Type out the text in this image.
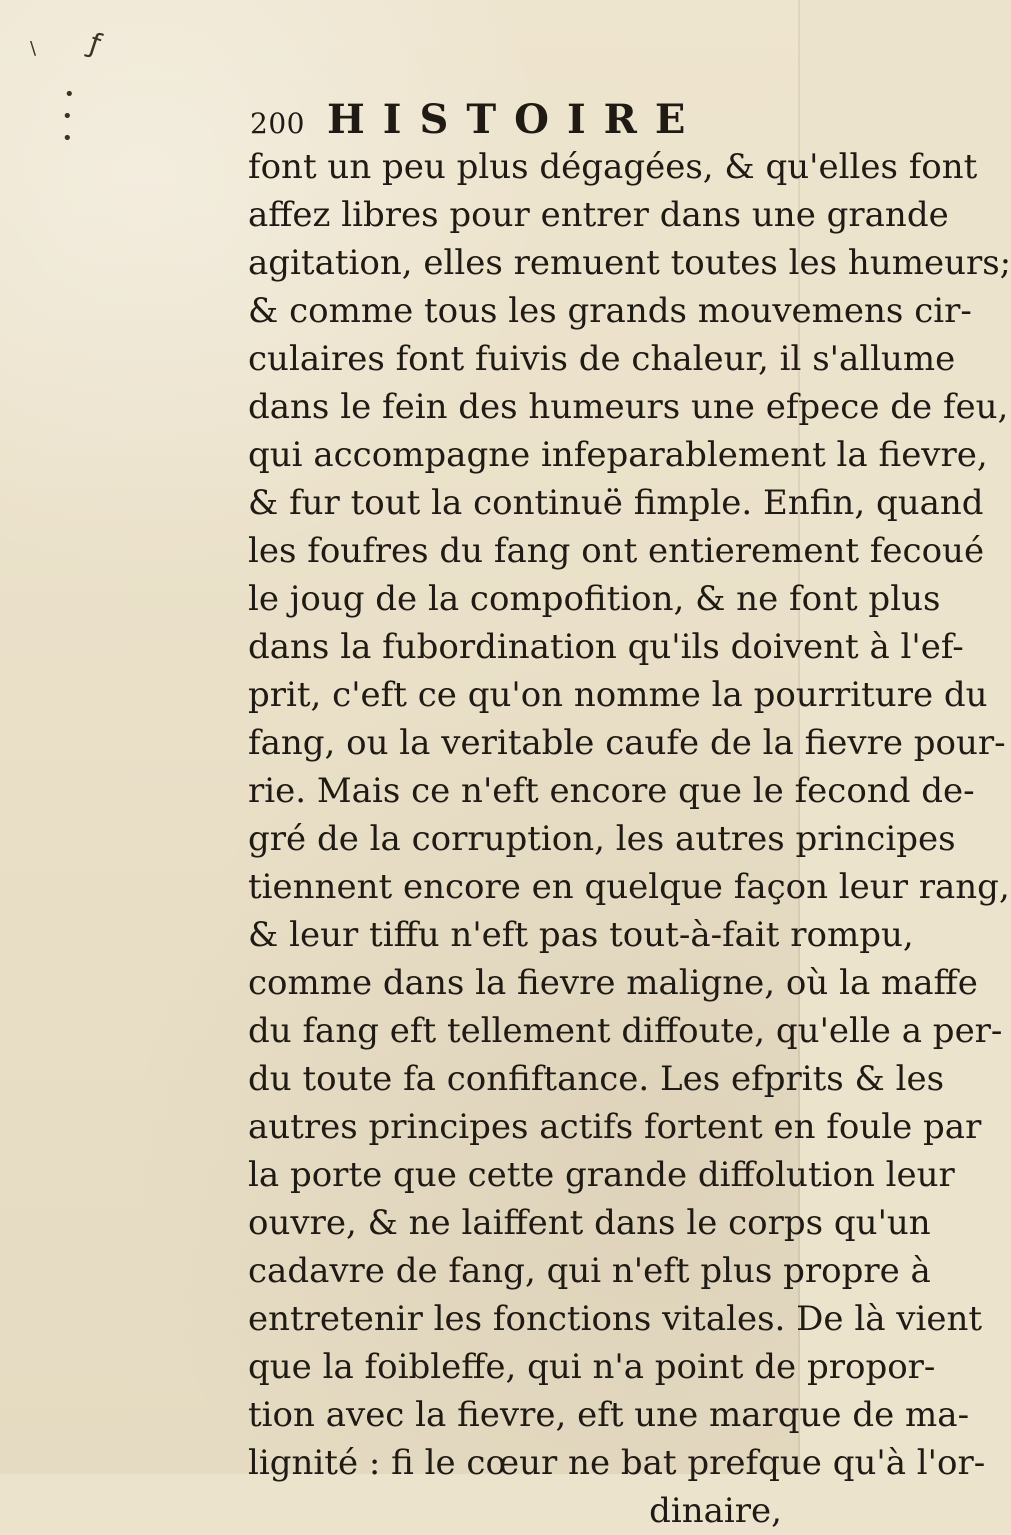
ƒ
\
•
•
•	200 HISTOIRE
font un peu plus dégagées, & qu'elles font
affez libres pour entrer dans une grande
agitation, elles remuent toutes les humeurs;
& comme tous les grands mouvemens cir-
culaires font fuivis de chaleur, il s'allume
dans le fein des humeurs une efpece de feu,
qui accompagne infeparablement la fievre,
& fur tout la continuë fimple. Enfin, quand
les foufres du fang ont entierement fecoué
le joug de la compofition, & ne font plus
dans la fubordination qu'ils doivent à l'ef-
prit, c'eft ce qu'on nomme la pourriture du
fang, ou la veritable caufe de la fievre pour-
rie. Mais ce n'eft encore que le fecond de-
gré de la corruption, les autres principes
tiennent encore en quelque façon leur rang,
& leur tiffu n'eft pas tout-à-fait rompu,
comme dans la fievre maligne, où la maffe
du fang eft tellement diffoute, qu'elle a per-
du toute fa confiftance. Les efprits & les
autres principes actifs fortent en foule par
la porte que cette grande diffolution leur
ouvre, & ne laiffent dans le corps qu'un
cadavre de fang, qui n'eft plus propre à
entretenir les fonctions vitales. De là vient
que la foibleffe, qui n'a point de propor-
tion avec la fievre, eft une marque de ma-
lignité : fi le cœur ne bat prefque qu'à l'or-
dinaire,
